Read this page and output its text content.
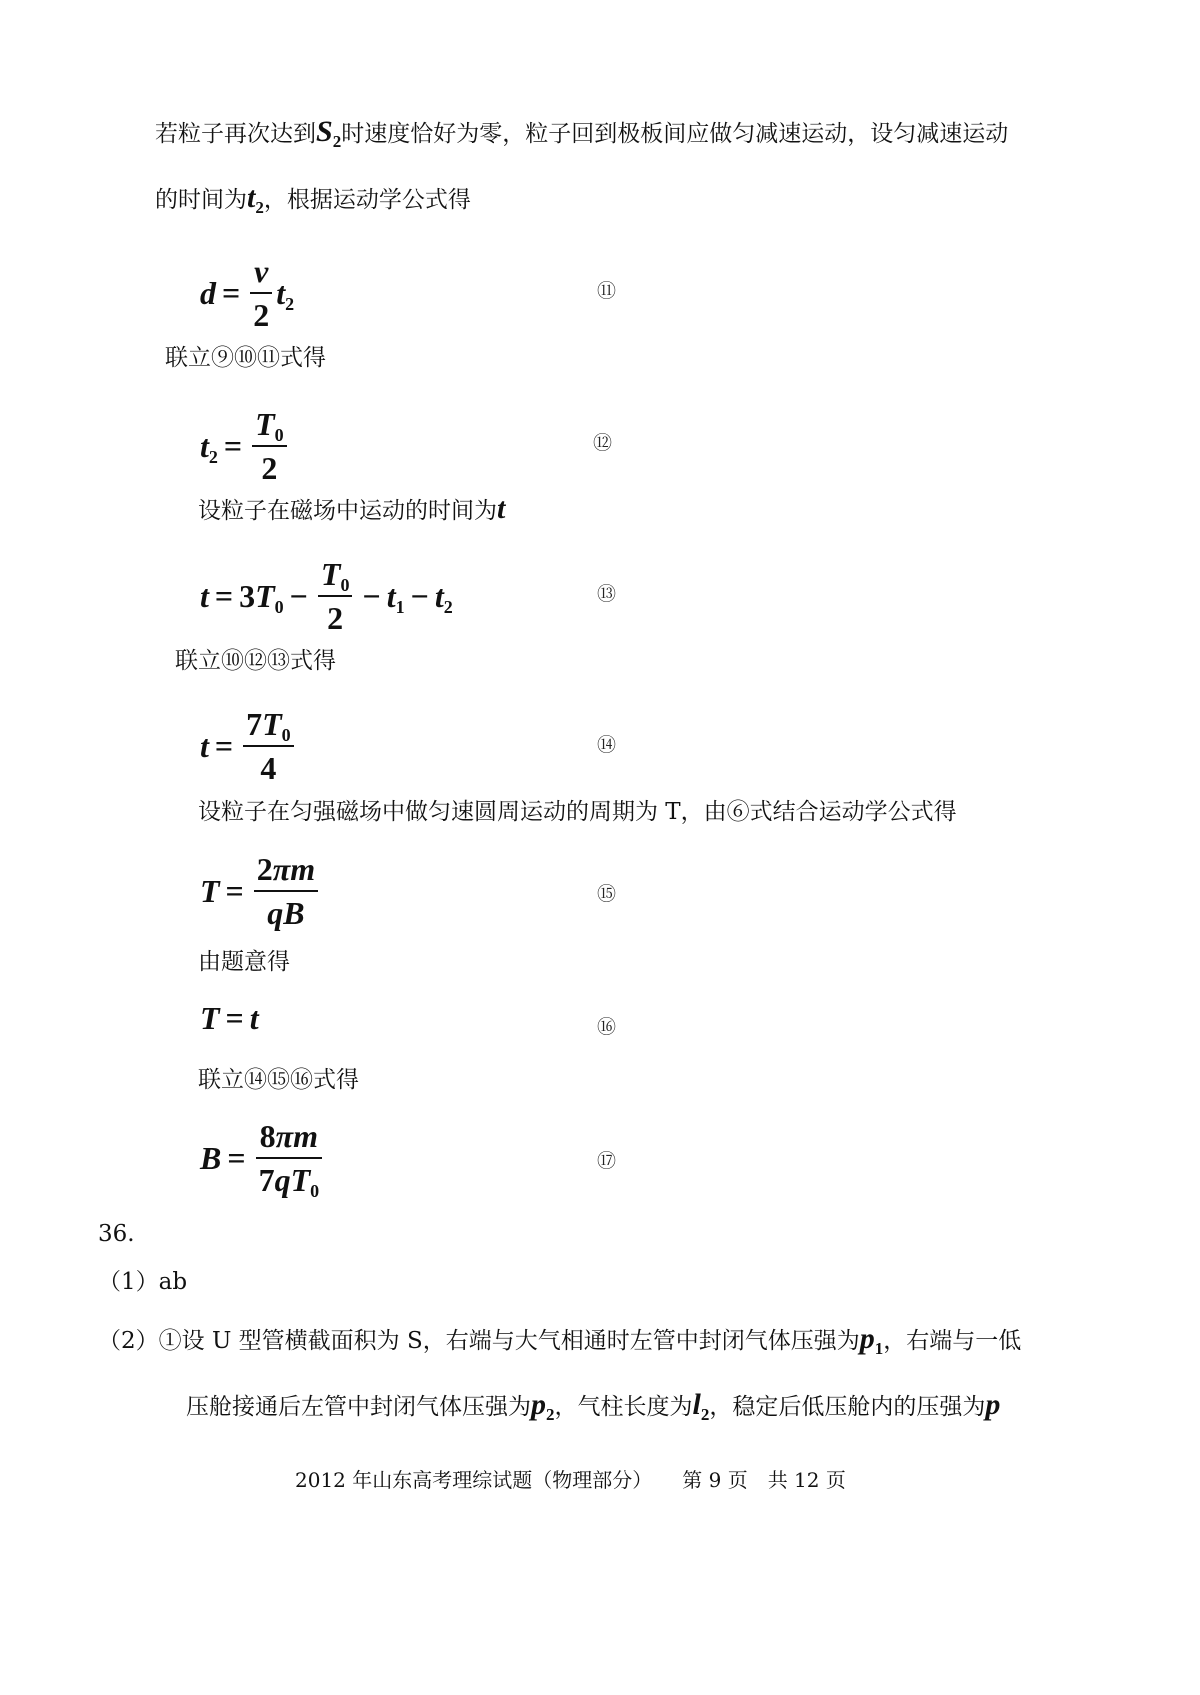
若粒子再次达到$S_2$时速度恰好为零，粒子回到极板间应做匀减速运动，设匀减速运动
的时间为$t_2$，根据运动学公式得
$d = \frac{v}{2} t_2$
⑪
联立⑨⑩⑪式得
$t_2 = \frac{T_0}{2}$	⑫
设粒子在磁场中运动的时间为t
$t = 3T_0 - \frac{T_0}{2} - t_1 - t_2$
⑬
联立⑩⑫⑬式得
$t = \frac{7T_0}{4}$	⑭
设粒子在匀强磁场中做匀速圆周运动的周期为 T，由⑥式结合运动学公式得
$T = \frac{2\pi m}{qB}$	⑮
由题意得
T = t	⑯
联立⑭⑮⑯式得
$B = \frac{8\pi m}{7qT_0}$	⑰
36.
（1）ab
（2）①设 U 型管横截面积为 S，右端与大气相通时左管中封闭气体压强为$p_1$，右端与一低
压舱接通后左管中封闭气体压强为$p_2$，气柱长度为$l_2$，稳定后低压舱内的压强为p
2012 年山东高考理综试题（物理部分）　　第 9 页　共 12 页
